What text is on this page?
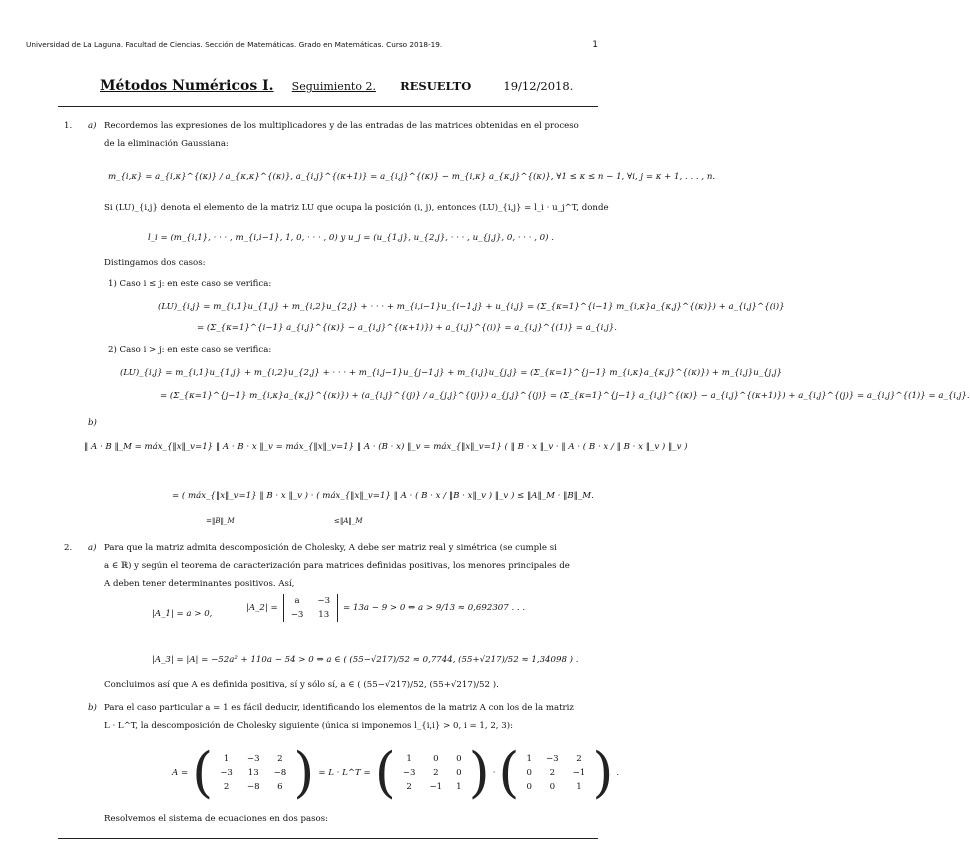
Universidad de La Laguna. Facultad de Ciencias. Sección de Matemáticas. Grado en Matemáticas. Curso 2018-19.	1
Métodos Numéricos I. Seguimiento 2. RESUELTO	19/12/2018.
1. a) Recordemos las expresiones de los multiplicadores y de las entradas de las matrices obtenidas en el proceso
de la eliminación Gaussiana:
m_{i,κ} = a_{i,κ}^{(κ)} / a_{κ,κ}^{(κ)}, a_{i,j}^{(κ+1)} = a_{i,j}^{(κ)} − m_{i,κ} a_{κ,j}^{(κ)}, ∀1 ≤ κ ≤ n − 1, ∀i, j = κ + 1, . . . , n.
Si (LU)_{i,j} denota el elemento de la matriz LU que ocupa la posición (i, j), entonces (LU)_{i,j} = l_i · u_j^T, donde
l_i = (m_{i,1}, · · · , m_{i,i−1}, 1, 0, · · · , 0) y u_j = (u_{1,j}, u_{2,j}, · · · , u_{j,j}, 0, · · · , 0) .
Distingamos dos casos:
1) Caso i ≤ j: en este caso se verifica:
(LU)_{i,j} = m_{i,1}u_{1,j} + m_{i,2}u_{2,j} + · · · + m_{i,i−1}u_{i−1,j} + u_{i,j} = (Σ_{κ=1}^{i−1} m_{i,κ}a_{κ,j}^{(κ)}) + a_{i,j}^{(i)}
= (Σ_{κ=1}^{i−1} a_{i,j}^{(κ)} − a_{i,j}^{(κ+1)}) + a_{i,j}^{(i)} = a_{i,j}^{(1)} = a_{i,j}.
2) Caso i > j: en este caso se verifica:
(LU)_{i,j} = m_{i,1}u_{1,j} + m_{i,2}u_{2,j} + · · · + m_{i,j−1}u_{j−1,j} + m_{i,j}u_{j,j} = (Σ_{κ=1}^{j−1} m_{i,κ}a_{κ,j}^{(κ)}) + m_{i,j}u_{j,j}
= (Σ_{κ=1}^{j−1} m_{i,κ}a_{κ,j}^{(κ)}) + (a_{i,j}^{(j)} / a_{j,j}^{(j)}) a_{j,j}^{(j)} = (Σ_{κ=1}^{j−1} a_{i,j}^{(κ)} − a_{i,j}^{(κ+1)}) + a_{i,j}^{(j)} = a_{i,j}^{(1)} = a_{i,j}.
b)
‖ A · B ‖_M = máx_{‖x‖_v=1} ‖ A · B · x ‖_v = máx_{‖x‖_v=1} ‖ A · (B · x) ‖_v = máx_{‖x‖_v=1} ( ‖ B · x ‖_v · ‖ A · ( B · x / ‖ B · x ‖_v ) ‖_v )
= ( máx_{‖x‖_v=1} ‖ B · x ‖_v ) · ( máx_{‖x‖_v=1} ‖ A · ( B · x / ‖B · x‖_v ) ‖_v ) ≤ ‖A‖_M · ‖B‖_M.
=‖B‖_M	≤‖A‖_M
2. a) Para que la matriz admita descomposición de Cholesky, A debe ser matriz real y simétrica (se cumple si
a ∈ ℝ) y según el teorema de caracterización para matrices definidas positivas, los menores principales de
A deben tener determinantes positivos. Así,
|A_1| = a > 0,
|A_2| =
a	−3
−3	13
= 13a − 9 > 0 ⇔ a > 9/13 ≈ 0,692307 . . .
|A_3| = |A| = −52a² + 110a − 54 > 0 ⇔ a ∈ ( (55−√217)/52 ≈ 0,7744, (55+√217)/52 ≈ 1,34098 ) .
Concluimos así que A es definida positiva, sí y sólo sí, a ∈ ( (55−√217)/52, (55+√217)/52 ).
b) Para el caso particular a = 1 es fácil deducir, identificando los elementos de la matriz A con los de la matriz
L · L^T, la descomposición de Cholesky siguiente (única si imponemos l_{i,i} > 0, i = 1, 2, 3):
A = ( 1	−3	2
−3	13	−8
2	−8	6 ) = L · L^T = ( 1	0	0
−3	2	0
2	−1	1 ) · ( 1	−3	2
0	2	−1
0	0	1 ) .
Resolvemos el sistema de ecuaciones en dos pasos:
